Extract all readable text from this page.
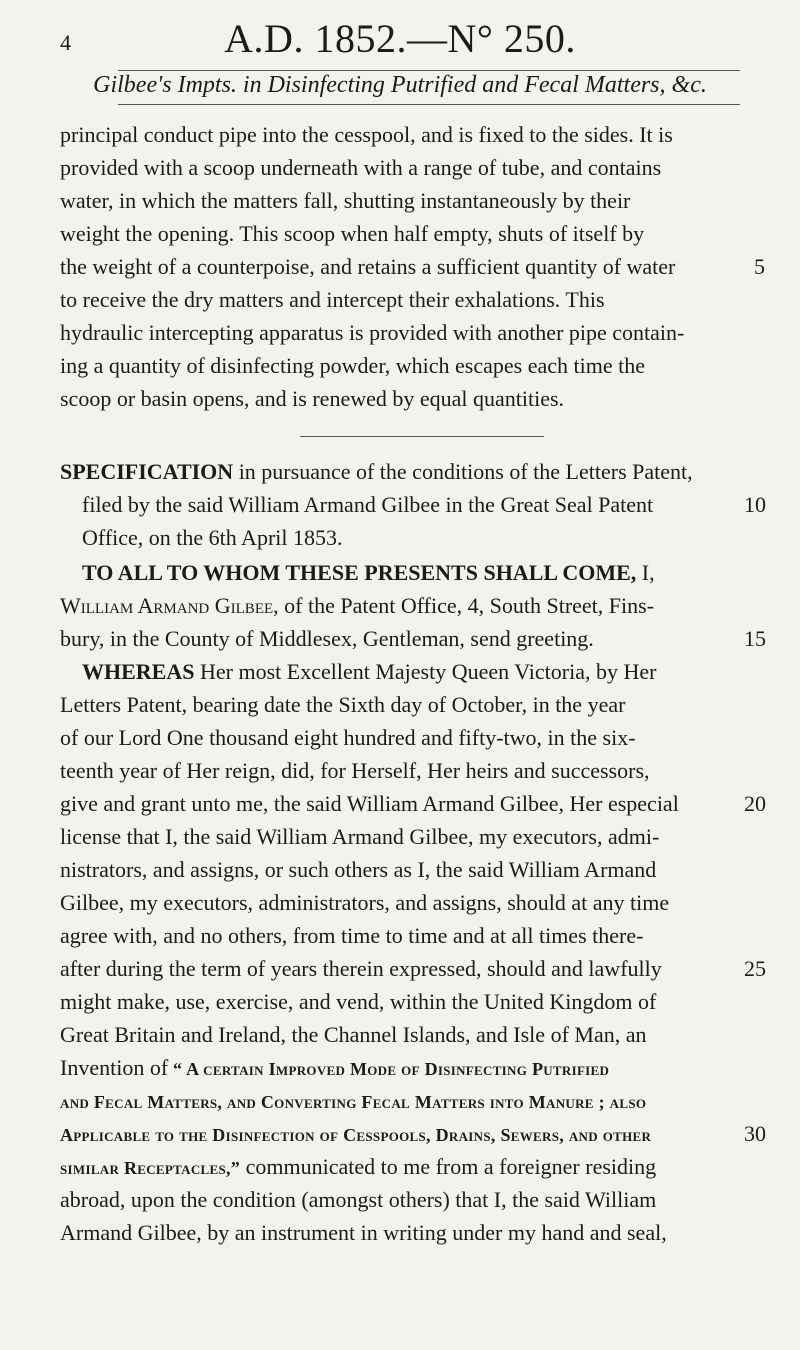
4	A.D. 1852.—N° 250.
Gilbee's Impts. in Disinfecting Putrified and Fecal Matters, &c.
principal conduct pipe into the cesspool, and is fixed to the sides. It is
provided with a scoop underneath with a range of tube, and contains
water, in which the matters fall, shutting instantaneously by their
weight the opening. This scoop when half empty, shuts of itself by
the weight of a counterpoise, and retains a sufficient quantity of water
to receive the dry matters and intercept their exhalations. This
hydraulic intercepting apparatus is provided with another pipe contain-
ing a quantity of disinfecting powder, which escapes each time the
scoop or basin opens, and is renewed by equal quantities.
SPECIFICATION in pursuance of the conditions of the Letters Patent,
filed by the said William Armand Gilbee in the Great Seal Patent
Office, on the 6th April 1853.
TO ALL TO WHOM THESE PRESENTS SHALL COME, I,
William Armand Gilbee, of the Patent Office, 4, South Street, Fins-
bury, in the County of Middlesex, Gentleman, send greeting.
WHEREAS Her most Excellent Majesty Queen Victoria, by Her
Letters Patent, bearing date the Sixth day of October, in the year
of our Lord One thousand eight hundred and fifty-two, in the six-
teenth year of Her reign, did, for Herself, Her heirs and successors,
give and grant unto me, the said William Armand Gilbee, Her especial
license that I, the said William Armand Gilbee, my executors, admi-
nistrators, and assigns, or such others as I, the said William Armand
Gilbee, my executors, administrators, and assigns, should at any time
agree with, and no others, from time to time and at all times there-
after during the term of years therein expressed, should and lawfully
might make, use, exercise, and vend, within the United Kingdom of
Great Britain and Ireland, the Channel Islands, and Isle of Man, an
Invention of “ A certain Improved Mode of Disinfecting Putrified
and Fecal Matters, and Converting Fecal Matters into Manure ; also
Applicable to the Disinfection of Cesspools, Drains, Sewers, and other
similar Receptacles,” communicated to me from a foreigner residing
abroad, upon the condition (amongst others) that I, the said William
Armand Gilbee, by an instrument in writing under my hand and seal,
5
10
15
20
25
30
